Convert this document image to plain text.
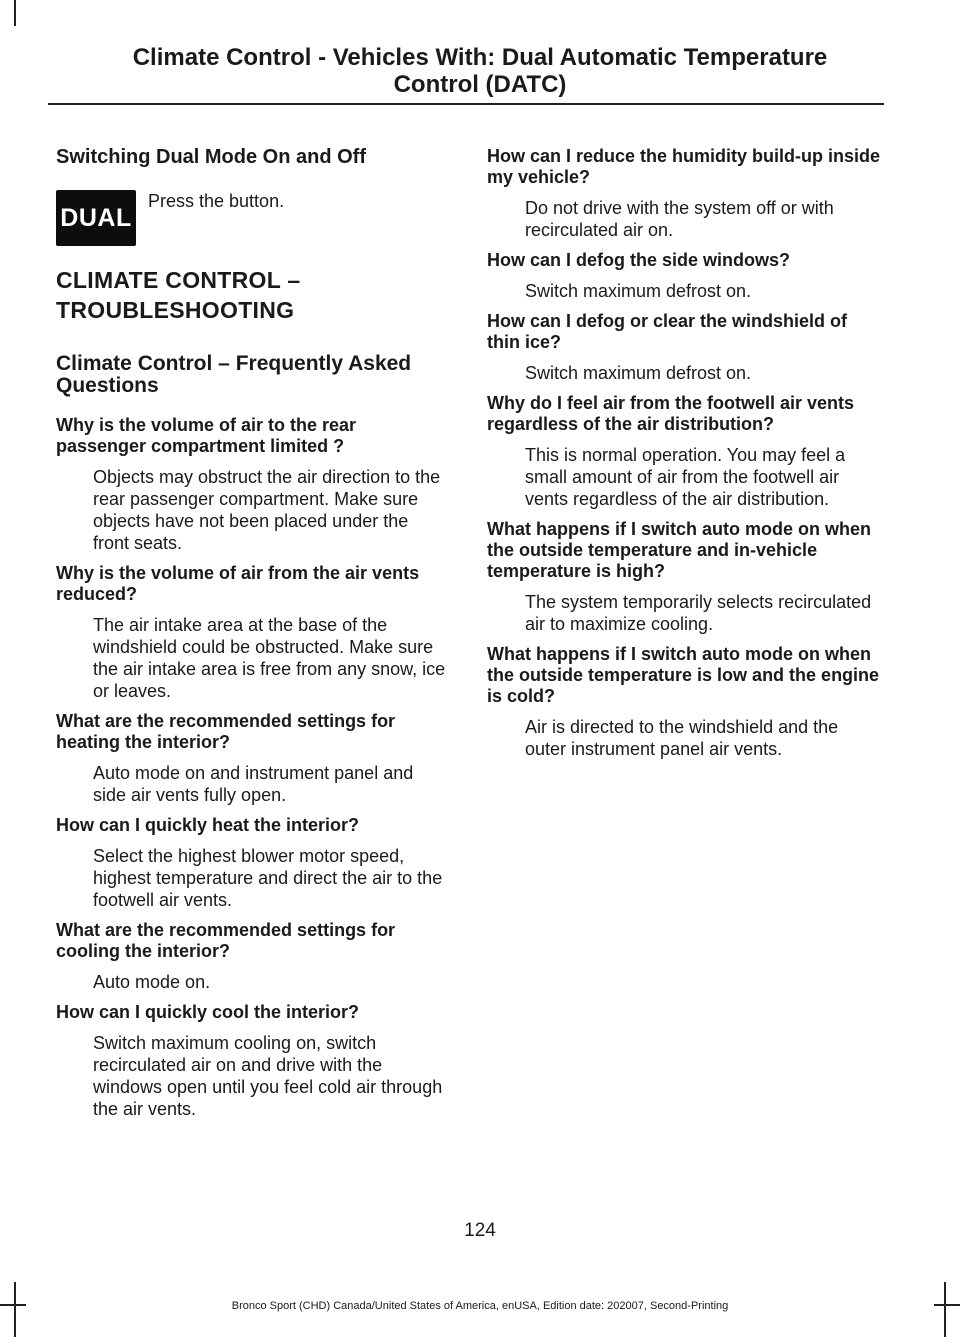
Climate Control - Vehicles With: Dual Automatic Temperature
Control (DATC)
Switching Dual Mode On and Off
DUAL
Press the button.
CLIMATE CONTROL –
TROUBLESHOOTING
Climate Control – Frequently Asked Questions

Why is the volume of air to the rear passenger compartment limited ?

Objects may obstruct the air direction to the rear passenger compartment. Make sure objects have not been placed under the front seats.

Why is the volume of air from the air vents reduced?

The air intake area at the base of the windshield could be obstructed. Make sure the air intake area is free from any snow, ice or leaves.

What are the recommended settings for heating the interior?

Auto mode on and instrument panel and side air vents fully open.

How can I quickly heat the interior?

Select the highest blower motor speed, highest temperature and direct the air to the footwell air vents.

What are the recommended settings for cooling the interior?

Auto mode on.

How can I quickly cool the interior?

Switch maximum cooling on, switch recirculated air on and drive with the windows open until you feel cold air through the air vents.

How can I reduce the humidity build-up inside my vehicle?

Do not drive with the system off or with recirculated air on.

How can I defog the side windows?

Switch maximum defrost on.

How can I defog or clear the windshield of thin ice?

Switch maximum defrost on.

Why do I feel air from the footwell air vents regardless of the air distribution?

This is normal operation. You may feel a small amount of air from the footwell air vents regardless of the air distribution.

What happens if I switch auto mode on when the outside temperature and in-vehicle temperature is high?

The system temporarily selects recirculated air to maximize cooling.

What happens if I switch auto mode on when the outside temperature is low and the engine is cold?

Air is directed to the windshield and the outer instrument panel air vents.

124
Bronco Sport (CHD) Canada/United States of America, enUSA, Edition date: 202007, Second-Printing
